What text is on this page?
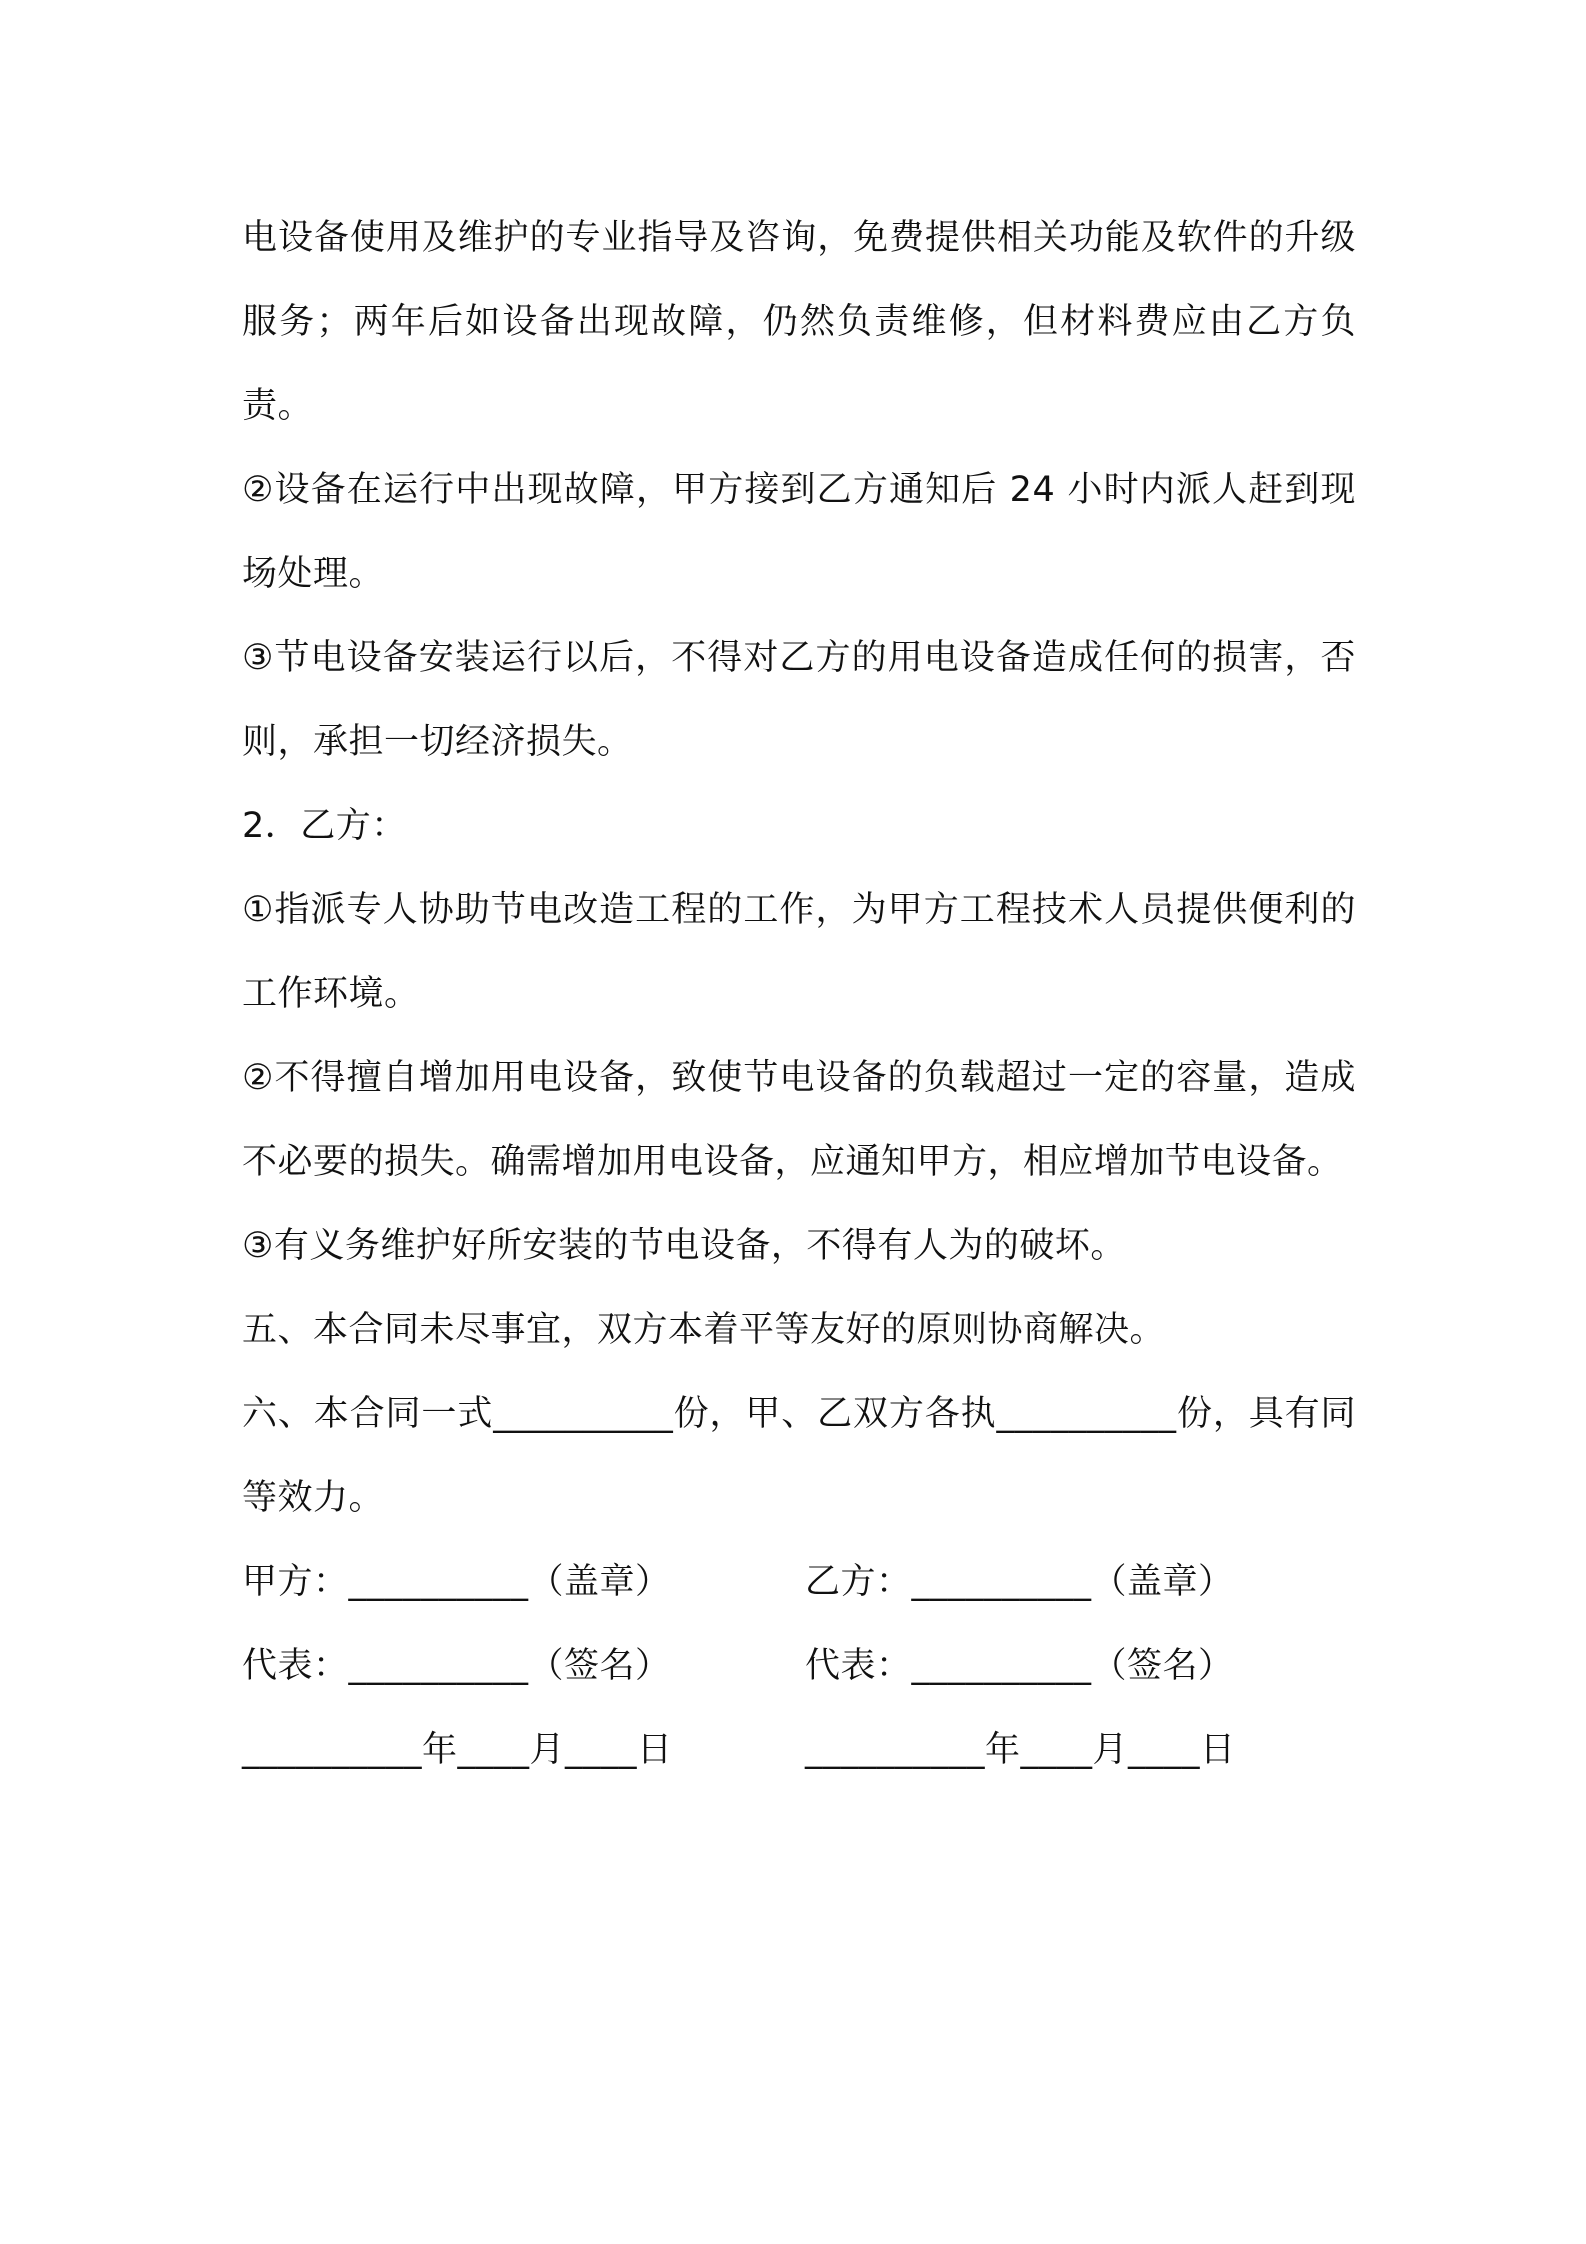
电设备使用及维护的专业指导及咨询，免费提供相关功能及软件的升级服务；两年后如设备出现故障，仍然负责维修，但材料费应由乙方负责。

②设备在运行中出现故障，甲方接到乙方通知后 24 小时内派人赶到现场处理。

③节电设备安装运行以后，不得对乙方的用电设备造成任何的损害，否则，承担一切经济损失。

2．乙方：

①指派专人协助节电改造工程的工作，为甲方工程技术人员提供便利的工作环境。

②不得擅自增加用电设备，致使节电设备的负载超过一定的容量，造成不必要的损失。确需增加用电设备，应通知甲方，相应增加节电设备。

③有义务维护好所安装的节电设备，不得有人为的破坏。

五、本合同未尽事宜，双方本着平等友好的原则协商解决。

六、本合同一式__________份，甲、乙双方各执__________份，具有同等效力。

甲方：__________（盖章）	乙方：__________（盖章）
代表：__________（签名）	代表：__________（签名）
__________年____月____日	__________年____月____日
